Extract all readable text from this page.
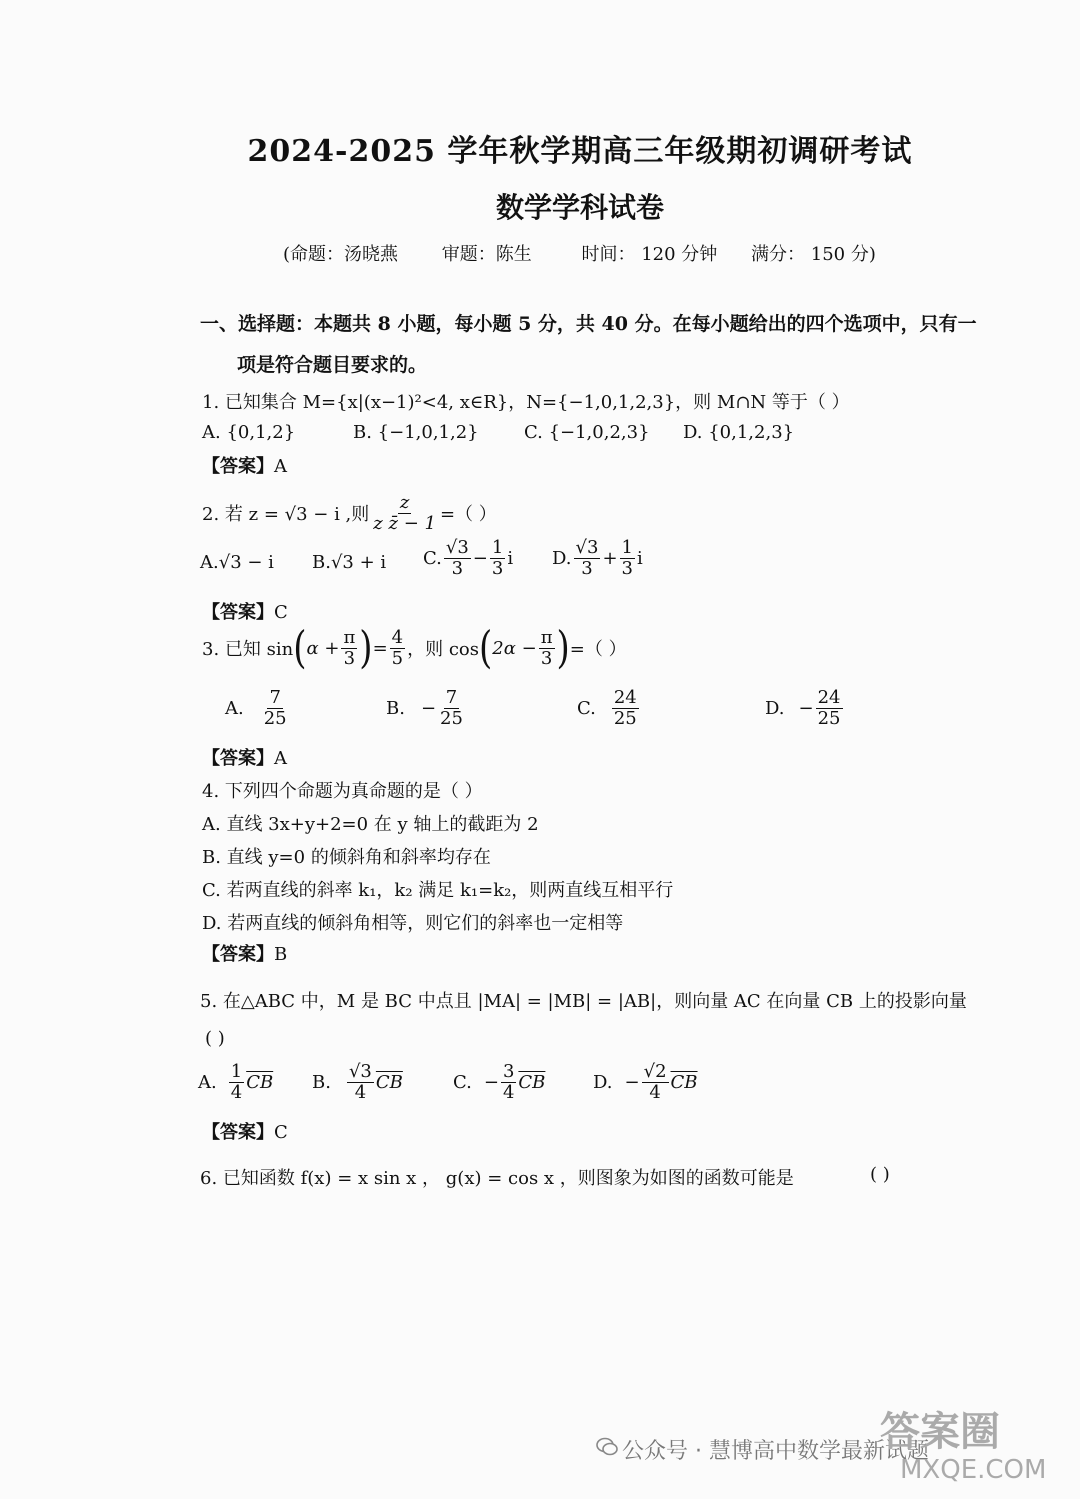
2024-2025 学年秋学期高三年级期初调研考试
数学学科试卷
(命题：汤晓燕 审题：陈生	时间： 120 分钟 满分： 150 分)
一、选择题：本题共 8 小题，每小题 5 分，共 40 分。在每小题给出的四个选项中，只有一
项是符合题目要求的。
1. 已知集合 M={x|(x−1)²<4, x∈R}，N={−1,0,1,2,3}，则 M∩N 等于（ ）
A. {0,1,2}	B. {−1,0,1,2}	C. {−1,0,2,3} D. {0,1,2,3}
【答案】A
2. 若 z = √3 − i ,则 $\frac{z}{\text{z z̄ − 1}}$ =（ ）
A.√3 − i B.√3 + i C. $\frac{√3}{3} - \frac{1}{3}$ i D. $\frac{√3}{3} + \frac{1}{3}$ i
【答案】C
3. 已知 sin ( $\alpha + \frac{\pi}{3}$ ) = $\frac{4}{5}$ ，则 cos ( $2\alpha - \frac{\pi}{3}$ ) =（ ）
A. $\frac{7}{25}$	B. − $\frac{7}{25}$	C. $\frac{24}{25}$	D. − $\frac{24}{25}$
【答案】A
4. 下列四个命题为真命题的是（ ）
A. 直线 3x+y+2=0 在 y 轴上的截距为 2
B. 直线 y=0 的倾斜角和斜率均存在
C. 若两直线的斜率 k₁，k₂ 满足 k₁=k₂，则两直线互相平行
D. 若两直线的倾斜角相等，则它们的斜率也一定相等
【答案】B
5. 在△ABC 中，M 是 BC 中点且 |MA| = |MB| = |AB|，则向量 AC 在向量 CB 上的投影向量
( )
A. $\frac{1}{4} \overline{CB}$ B. $\frac{√3}{4} \overline{CB}$	C. − $\frac{3}{4} \overline{CB}$	D. − $\frac{√2}{4} \overline{CB}$
【答案】C
6. 已知函数 f(x) = x sin x ， g(x) = cos x ，则图象为如图的函数可能是	( )
公众号 · 慧博高中数学最新试题
答案圈
MXQE.COM
